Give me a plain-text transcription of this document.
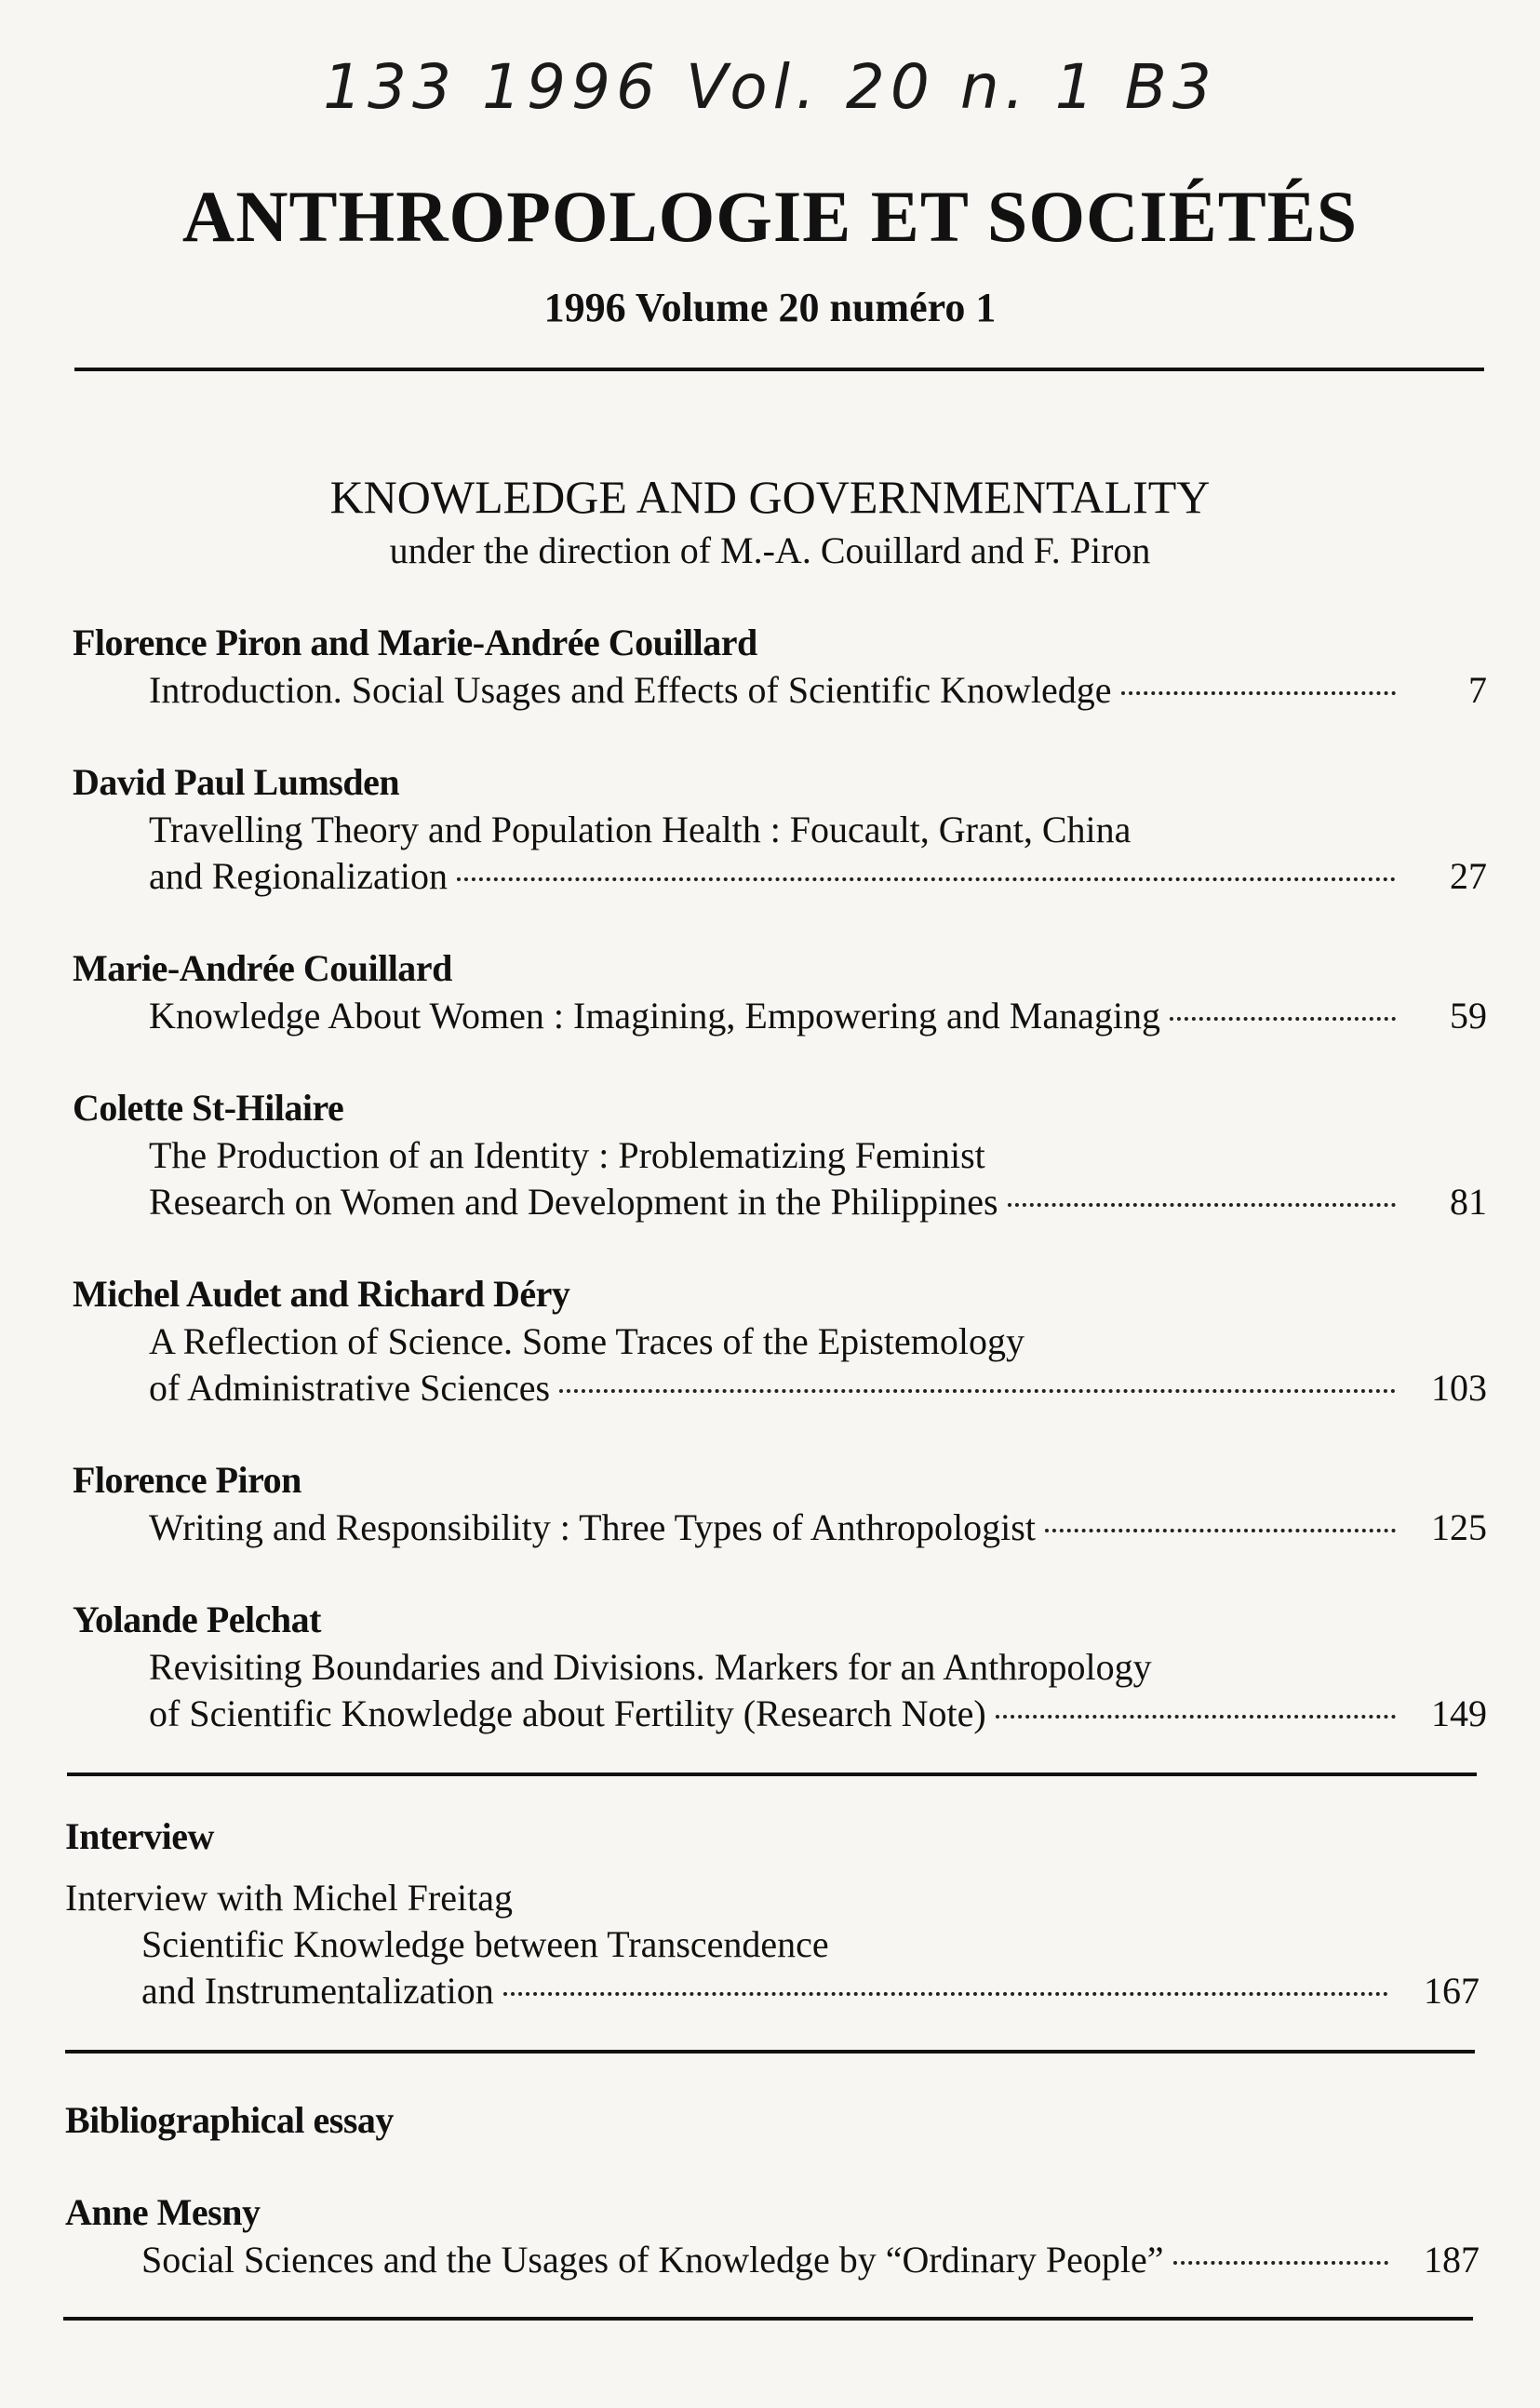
133 1996 Vol. 20 n. 1 B3
ANTHROPOLOGIE ET SOCIÉTÉS
1996 Volume 20 numéro 1
KNOWLEDGE AND GOVERNMENTALITY
under the direction of M.-A. Couillard and F. Piron
Florence Piron and Marie-Andrée Couillard
Introduction. Social Usages and Effects of Scientific Knowledge	7
David Paul Lumsden
Travelling Theory and Population Health : Foucault, Grant, China
and Regionalization	27
Marie-Andrée Couillard
Knowledge About Women : Imagining, Empowering and Managing	59
Colette St-Hilaire
The Production of an Identity : Problematizing Feminist
Research on Women and Development in the Philippines	81
Michel Audet and Richard Déry
A Reflection of Science. Some Traces of the Epistemology
of Administrative Sciences	103
Florence Piron
Writing and Responsibility : Three Types of Anthropologist	125
Yolande Pelchat
Revisiting Boundaries and Divisions. Markers for an Anthropology
of Scientific Knowledge about Fertility (Research Note)	149
Interview
Interview with Michel Freitag
Scientific Knowledge between Transcendence
and Instrumentalization	167
Bibliographical essay
Anne Mesny
Social Sciences and the Usages of Knowledge by “Ordinary People”	187
